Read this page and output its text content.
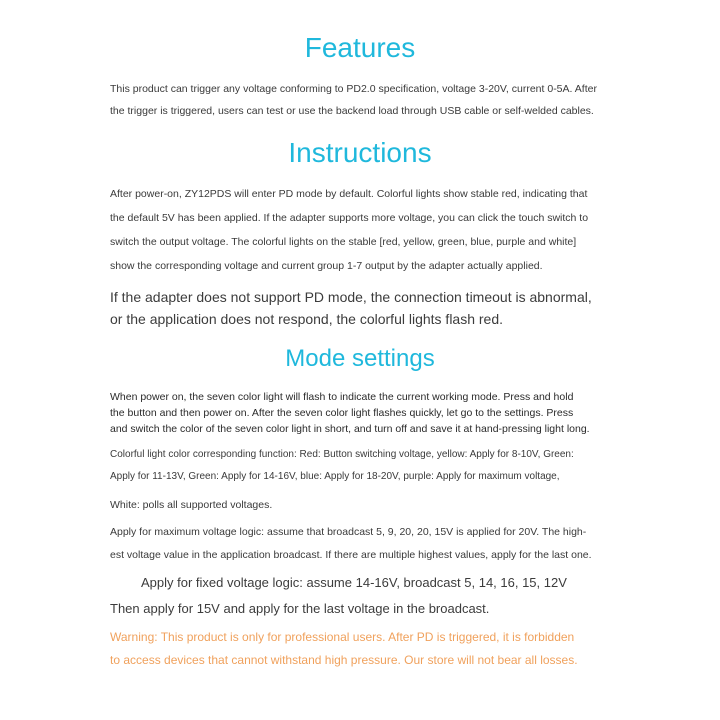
Features

This product can trigger any voltage conforming to PD2.0 specification, voltage 3-20V, current 0-5A. After

the trigger is triggered, users can test or use the backend load through USB cable or self-welded cables.

Instructions

After power-on, ZY12PDS will enter PD mode by default. Colorful lights show stable red, indicating that

the default 5V has been applied. If the adapter supports more voltage, you can click the touch switch to

switch the output voltage. The colorful lights on the stable [red, yellow, green, blue, purple and white]

show the corresponding voltage and current group 1-7 output by the adapter actually applied.

If the adapter does not support PD mode, the connection timeout is abnormal,

or the application does not respond, the colorful lights flash red.

Mode settings

When power on, the seven color light will flash to indicate the current working mode. Press and hold

the button and then power on. After the seven color light flashes quickly, let go to the settings. Press

and switch the color of the seven color light in short, and turn off and save it at hand-pressing light long.

Colorful light color corresponding function: Red: Button switching voltage, yellow: Apply for 8-10V, Green:

Apply for 11-13V, Green: Apply for 14-16V, blue: Apply for 18-20V, purple: Apply for maximum voltage,

White: polls all supported voltages.

Apply for maximum voltage logic: assume that broadcast 5, 9, 20, 20, 15V is applied for 20V. The high-

est voltage value in the application broadcast. If there are multiple highest values, apply for the last one.

Apply for fixed voltage logic: assume 14-16V, broadcast 5, 14, 16, 15, 12V

Then apply for 15V and apply for the last voltage in the broadcast.

Warning: This product is only for professional users. After PD is triggered, it is forbidden

to access devices that cannot withstand high pressure. Our store will not bear all losses.
